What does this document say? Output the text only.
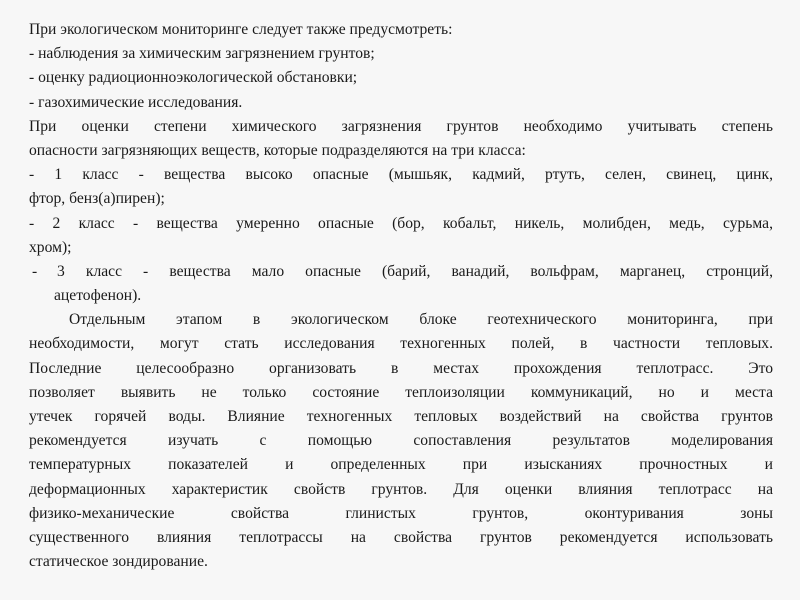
При экологическом мониторинге следует также предусмотреть:

- наблюдения за химическим загрязнением грунтов;

- оценку радиоционноэкологической обстановки;

- газохимические исследования.

При оценки степени химического загрязнения грунтов необходимо учитывать степень

опасности загрязняющих веществ, которые подразделяются на три класса:

- 1 класс - вещества высоко опасные (мышьяк, кадмий, ртуть, селен, свинец, цинк,

фтор, бенз(а)пирен);

- 2 класс - вещества умеренно опасные (бор, кобальт, никель, молибден, медь, сурьма,

хром);

-	3 класс - вещества мало опасные (барий, ванадий, вольфрам, марганец, стронций,

ацетофенон).

Отдельным этапом в экологическом блоке геотехнического мониторинга, при

необходимости, могут стать исследования техногенных полей, в частности тепловых.

Последние целесообразно организовать в местах прохождения теплотрасс. Это

позволяет выявить не только состояние теплоизоляции коммуникаций, но и места

утечек горячей воды. Влияние техногенных тепловых воздействий на свойства грунтов

рекомендуется изучать с помощью сопоставления результатов моделирования

температурных показателей и определенных при изысканиях прочностных и

деформационных характеристик свойств грунтов. Для оценки влияния теплотрасс на

физико-механические свойства глинистых грунтов, оконтуривания зоны

существенного влияния теплотрассы на свойства грунтов рекомендуется использовать

статическое зондирование.
